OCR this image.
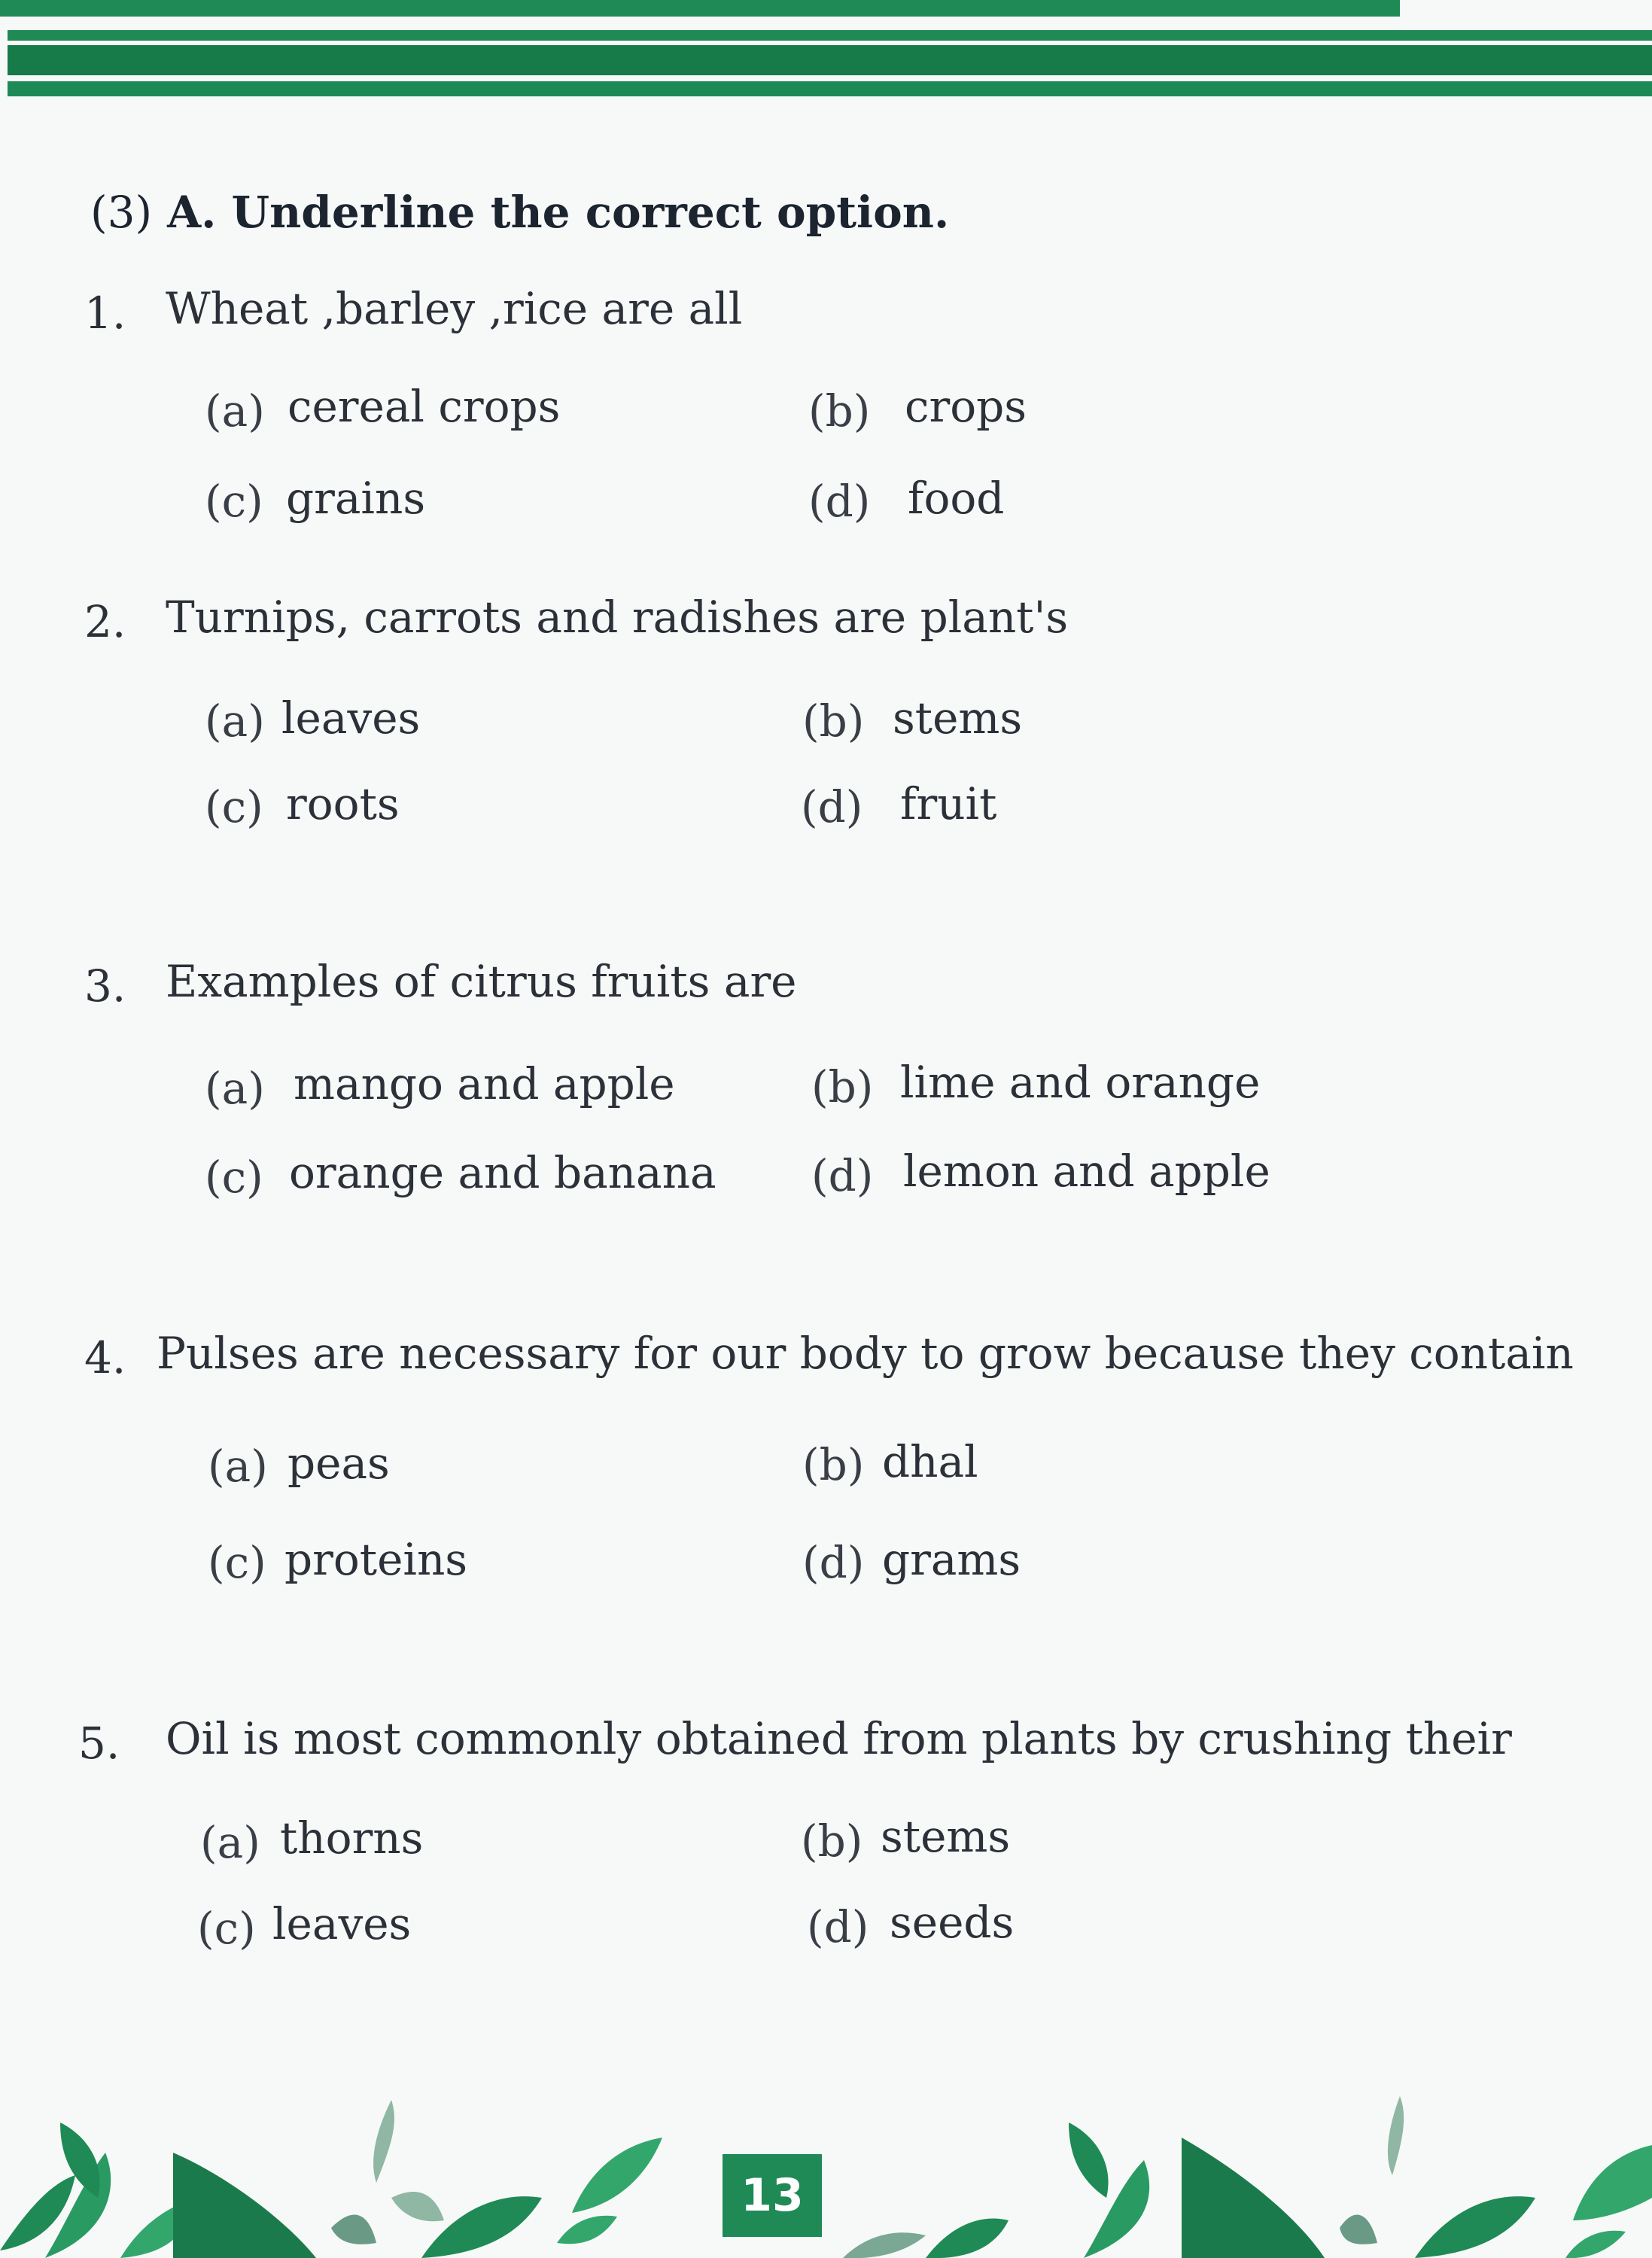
(3) A. Underline the correct option.
1. Wheat ,barley ,rice are all
(a) cereal crops	(b) crops
(c) grains	(d) food
2. Turnips, carrots and radishes are plant's
(a) leaves	(b) stems
(c) roots	(d) fruit
3. Examples of citrus fruits are
(a) mango and apple	(b) lime and orange
(c) orange and banana (d) lemon and apple
4. Pulses are necessary for our body to grow because they contain
(a) peas	(b) dhal
(c) proteins	(d) grams
5. Oil is most commonly obtained from plants by crushing their
(a) thorns	(b) stems
(c) leaves	(d) seeds
13
